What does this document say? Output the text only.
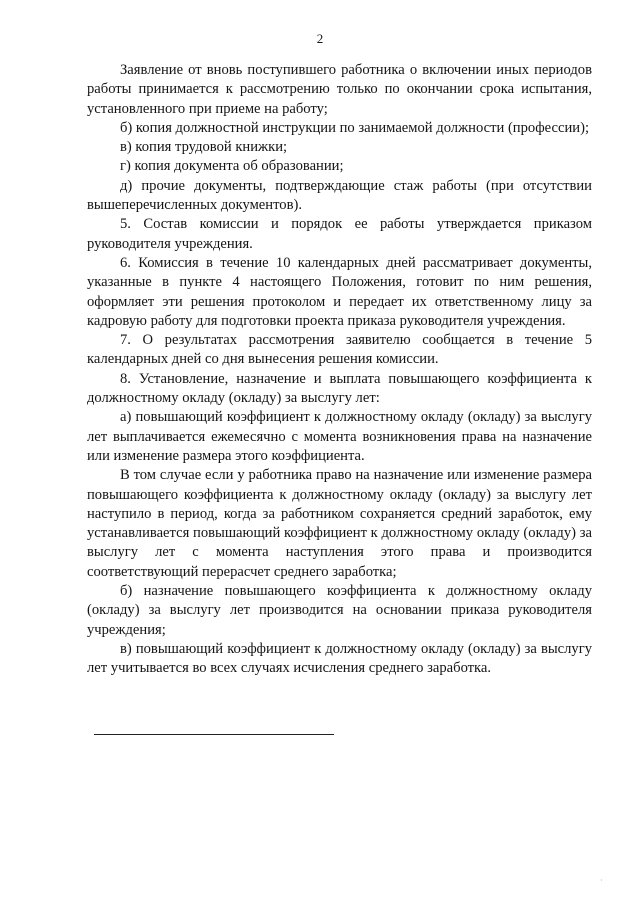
2

Заявление от вновь поступившего работника о включении иных периодов работы принимается к рассмотрению только по окончании срока испытания, установленного при приеме на работу;

б) копия должностной инструкции по занимаемой должности (профессии);

в) копия трудовой книжки;

г) копия документа об образовании;

д) прочие документы, подтверждающие стаж работы (при отсутствии вышеперечисленных документов).

5. Состав комиссии и порядок ее работы утверждается приказом руководителя учреждения.

6. Комиссия в течение 10 календарных дней рассматривает документы, указанные в пункте 4 настоящего Положения, готовит по ним решения, оформляет эти решения протоколом и передает их ответственному лицу за кадровую работу для подготовки проекта приказа руководителя учреждения.

7. О результатах рассмотрения заявителю сообщается в течение 5 календарных дней со дня вынесения решения комиссии.

8. Установление, назначение и выплата повышающего коэффициента к должностному окладу (окладу) за выслугу лет:

а) повышающий коэффициент к должностному окладу (окладу) за выслугу лет выплачивается ежемесячно с момента возникновения права на назначение или изменение размера этого коэффициента.

В том случае если у работника право на назначение или изменение размера повышающего коэффициента к должностному окладу (окладу) за выслугу лет наступило в период, когда за работником сохраняется средний заработок, ему устанавливается повышающий коэффициент к должностному окладу (окладу) за выслугу лет с момента наступления этого права и производится соответствующий перерасчет среднего заработка;

б) назначение повышающего коэффициента к должностному окладу (окладу) за выслугу лет производится на основании приказа руководителя учреждения;

в) повышающий коэффициент к должностному окладу (окладу) за выслугу лет учитывается во всех случаях исчисления среднего заработка.

·
